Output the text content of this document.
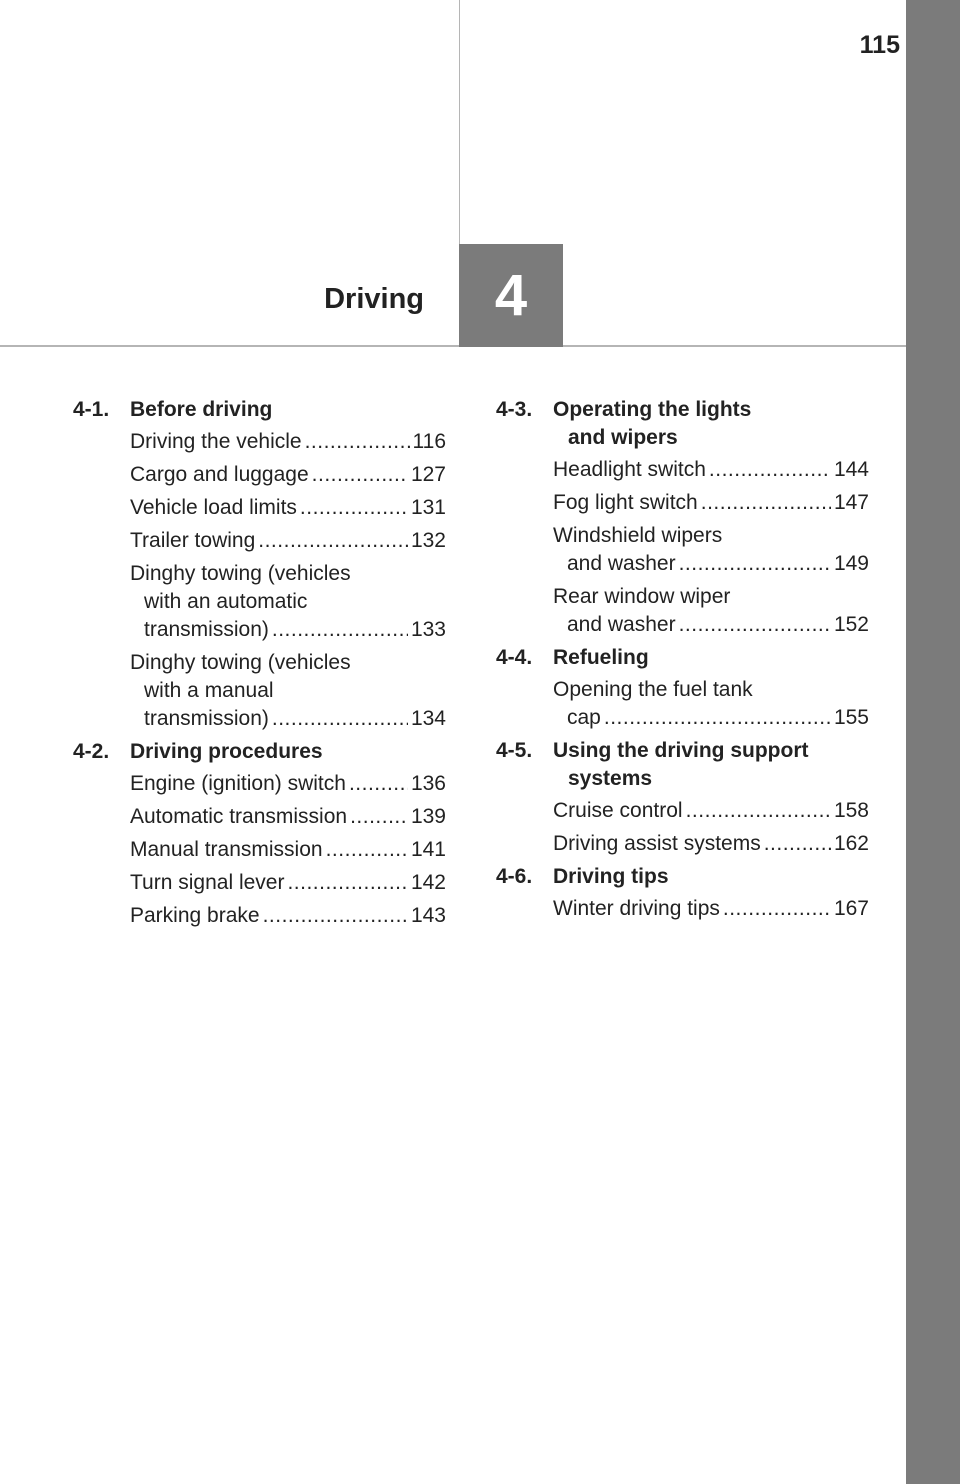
115
Driving	4
4-1. Before driving
Driving the vehicle .....	116
Cargo and luggage .....	127
Vehicle load limits .....	131
Trailer towing .....	132
Dinghy towing (vehicles
with an automatic
transmission) .....	133
Dinghy towing (vehicles
with a manual
transmission) .....	134
4-2. Driving procedures
Engine (ignition) switch .....	136
Automatic transmission .....	139
Manual transmission .....	141
Turn signal lever .....	142
Parking brake .....	143
4-3. Operating the lights
and wipers
Headlight switch .....	144
Fog light switch .....	147
Windshield wipers
and washer .....	149
Rear window wiper
and washer .....	152
4-4. Refueling
Opening the fuel tank
cap .....	155
4-5. Using the driving support
systems
Cruise control .....	158
Driving assist systems .....	162
4-6. Driving tips
Winter driving tips .....	167
